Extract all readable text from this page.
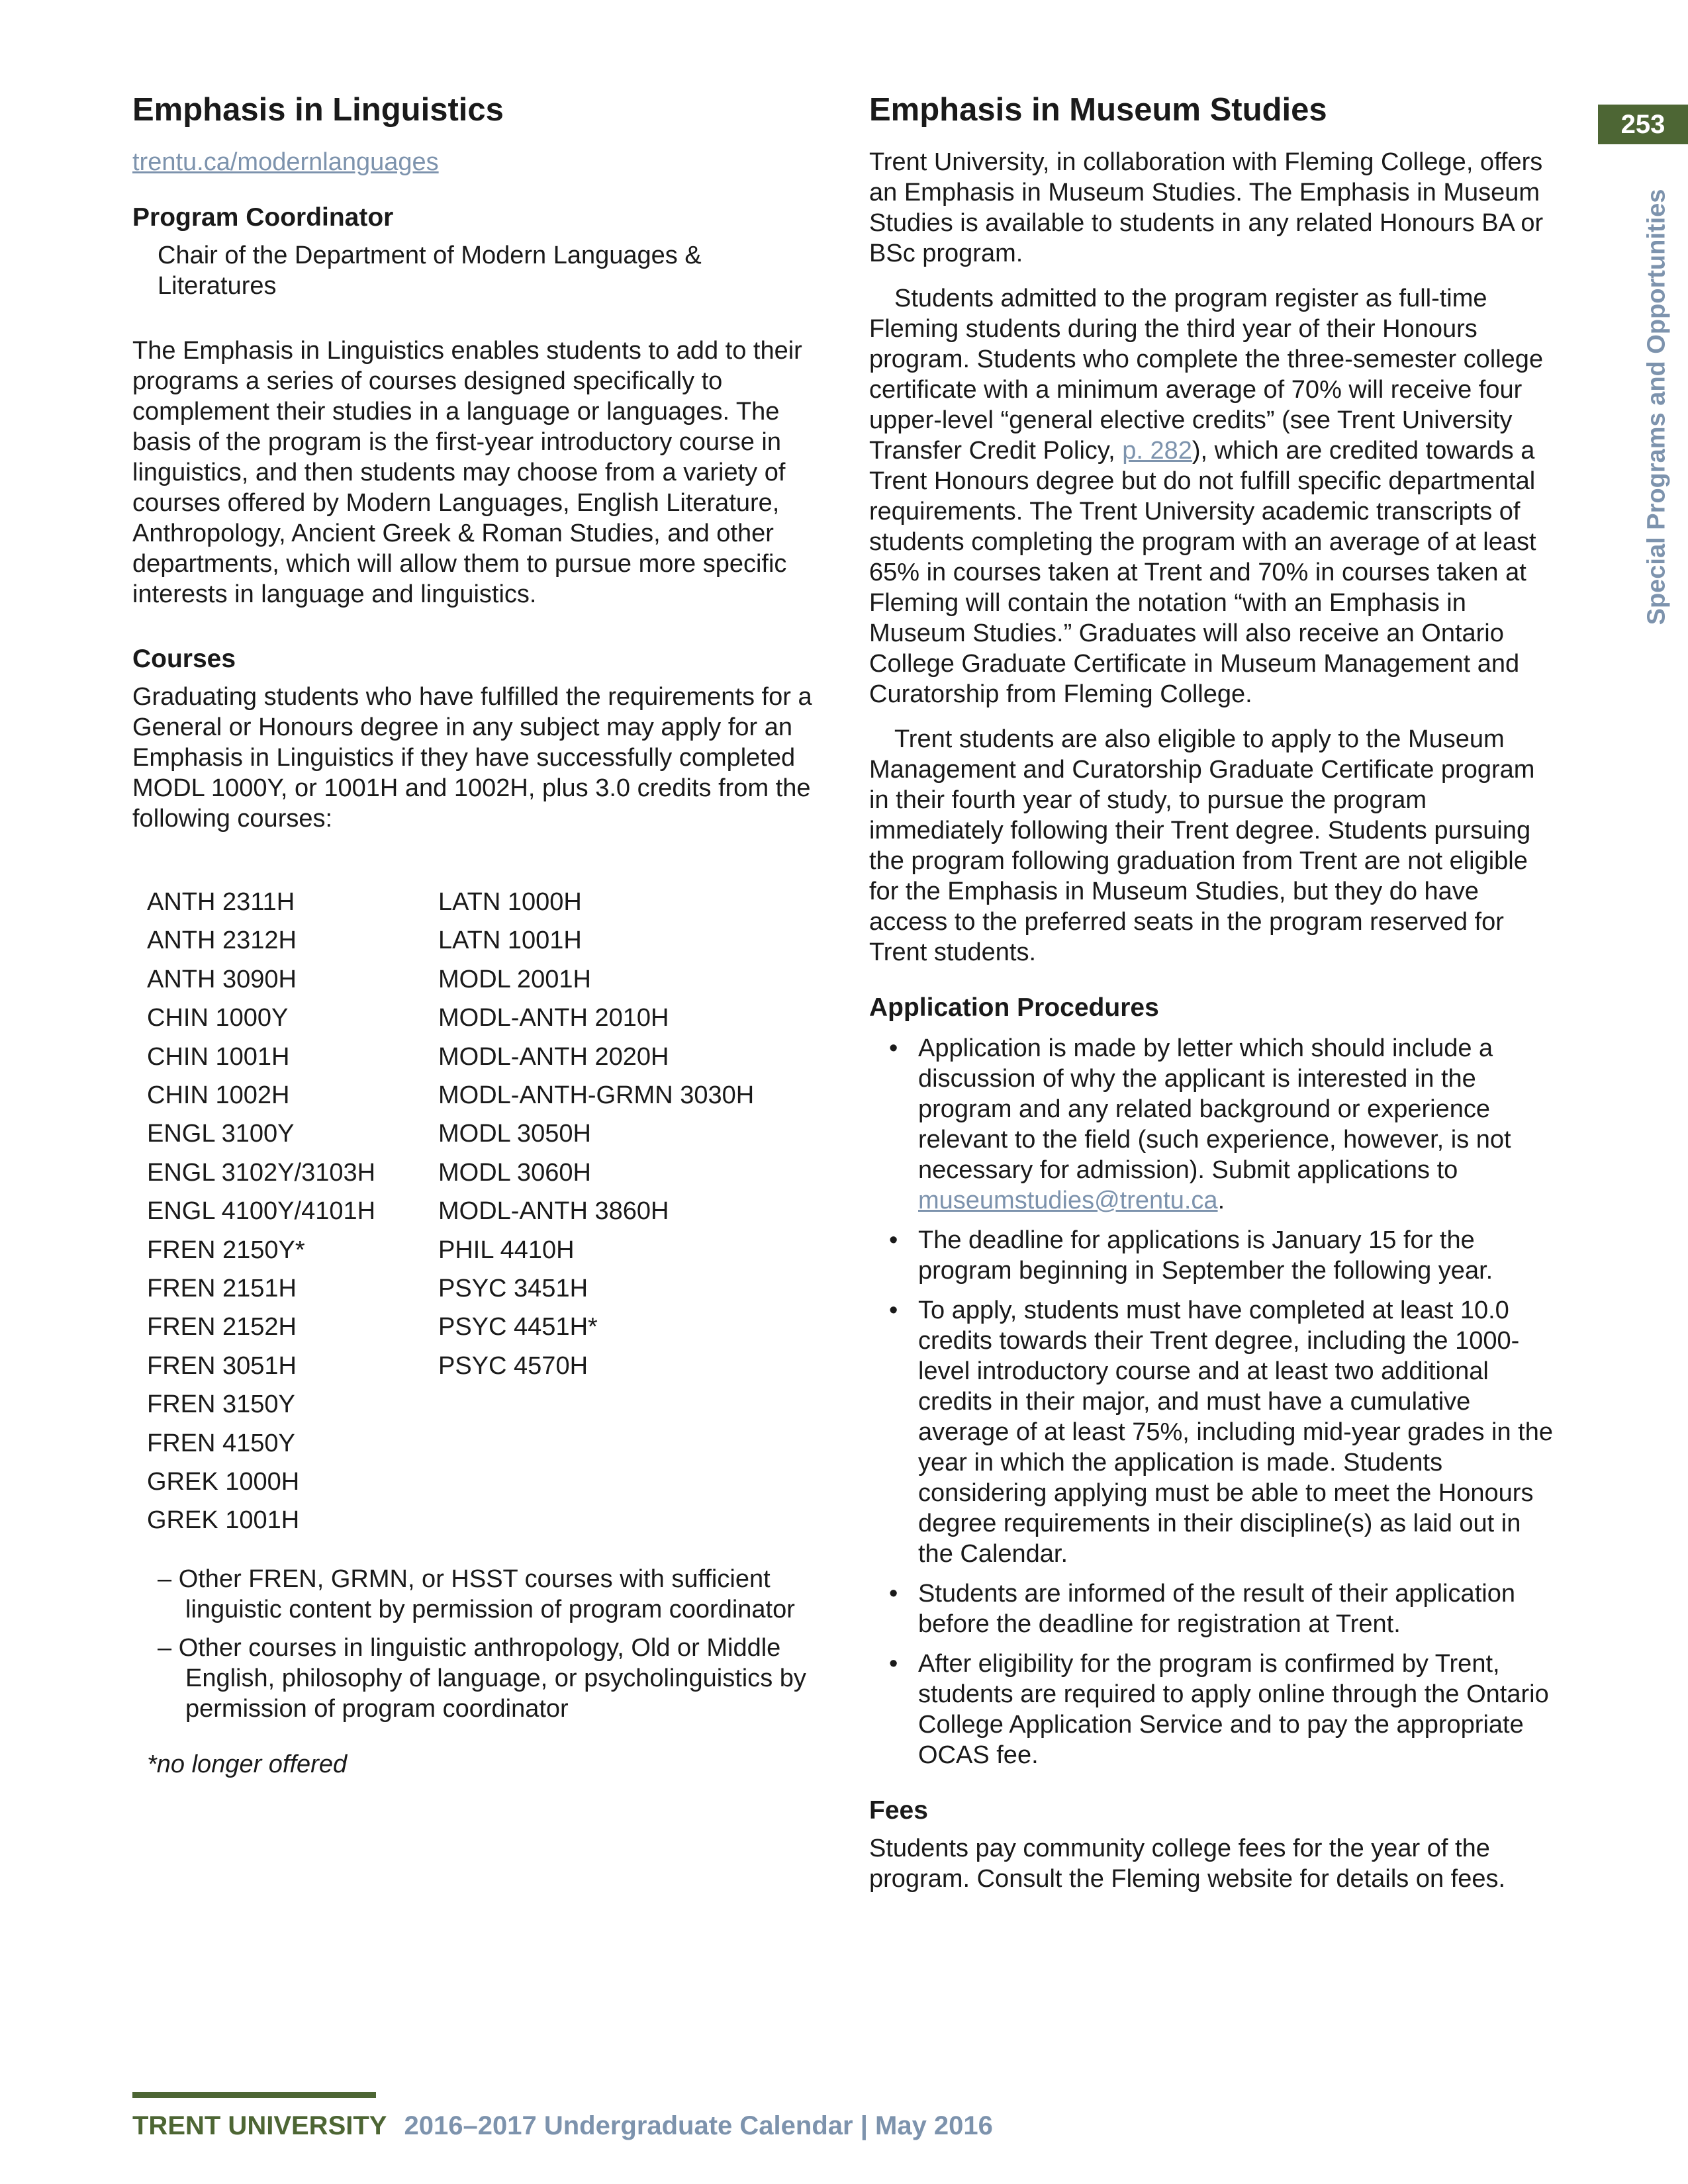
253
Special Programs and Opportunities
Emphasis in Linguistics

trentu.ca/modernlanguages

Program Coordinator

Chair of the Department of Modern Languages & Literatures

The Emphasis in Linguistics enables students to add to their programs a series of courses designed specifically to complement their studies in a language or languages. The basis of the program is the first-year introductory course in linguistics, and then students may choose from a variety of courses offered by Modern Languages, English Literature, Anthropology, Ancient Greek & Roman Studies, and other departments, which will allow them to pursue more specific interests in language and linguistics.

Courses

Graduating students who have fulfilled the requirements for a General or Honours degree in any subject may apply for an Emphasis in Linguistics if they have successfully completed MODL 1000Y, or 1001H and 1002H, plus 3.0 credits from the following courses:

ANTH 2311H
ANTH 2312H
ANTH 3090H
CHIN 1000Y
CHIN 1001H
CHIN 1002H
ENGL 3100Y
ENGL 3102Y/3103H
ENGL 4100Y/4101H
FREN 2150Y*
FREN 2151H
FREN 2152H
FREN 3051H
FREN 3150Y
FREN 4150Y
GREK 1000H
GREK 1001H
LATN 1000H
LATN 1001H
MODL 2001H
MODL-ANTH 2010H
MODL-ANTH 2020H
MODL-ANTH-GRMN 3030H
MODL 3050H
MODL 3060H
MODL-ANTH 3860H
PHIL 4410H
PSYC 3451H
PSYC 4451H*
PSYC 4570H
– Other FREN, GRMN, or HSST courses with sufficient linguistic content by permission of program coordinator
– Other courses in linguistic anthropology, Old or Middle English, philosophy of language, or psycholinguistics by permission of program coordinator

*no longer offered

Emphasis in Museum Studies

Trent University, in collaboration with Fleming College, offers an Emphasis in Museum Studies. The Emphasis in Museum Studies is available to students in any related Honours BA or BSc program.

Students admitted to the program register as full-time Fleming students during the third year of their Honours program. Students who complete the three-semester college certificate with a minimum average of 70% will receive four upper-level “general elective credits” (see Trent University Transfer Credit Policy, p. 282), which are credited towards a Trent Honours degree but do not fulfill specific departmental requirements. The Trent University academic transcripts of students completing the program with an average of at least 65% in courses taken at Trent and 70% in courses taken at Fleming will contain the notation “with an Emphasis in Museum Studies.” Graduates will also receive an Ontario College Graduate Certificate in Museum Management and Curatorship from Fleming College.

Trent students are also eligible to apply to the Museum Management and Curatorship Graduate Certificate program in their fourth year of study, to pursue the program immediately following their Trent degree. Students pursuing the program following graduation from Trent are not eligible for the Emphasis in Museum Studies, but they do have access to the preferred seats in the program reserved for Trent students.

Application Procedures
• Application is made by letter which should include a discussion of why the applicant is interested in the program and any related background or experience relevant to the field (such experience, however, is not necessary for admission). Submit applications to museumstudies@trentu.ca.
• The deadline for applications is January 15 for the program beginning in September the following year.
• To apply, students must have completed at least 10.0 credits towards their Trent degree, including the 1000-level introductory course and at least two additional credits in their major, and must have a cumulative average of at least 75%, including mid-year grades in the year in which the application is made. Students considering applying must be able to meet the Honours degree requirements in their discipline(s) as laid out in the Calendar.
• Students are informed of the result of their application before the deadline for registration at Trent.
• After eligibility for the program is confirmed by Trent, students are required to apply online through the Ontario College Application Service and to pay the appropriate OCAS fee.
Fees

Students pay community college fees for the year of the program. Consult the Fleming website for details on fees.

TRENT UNIVERSITY 2016–2017 Undergraduate Calendar | May 2016
